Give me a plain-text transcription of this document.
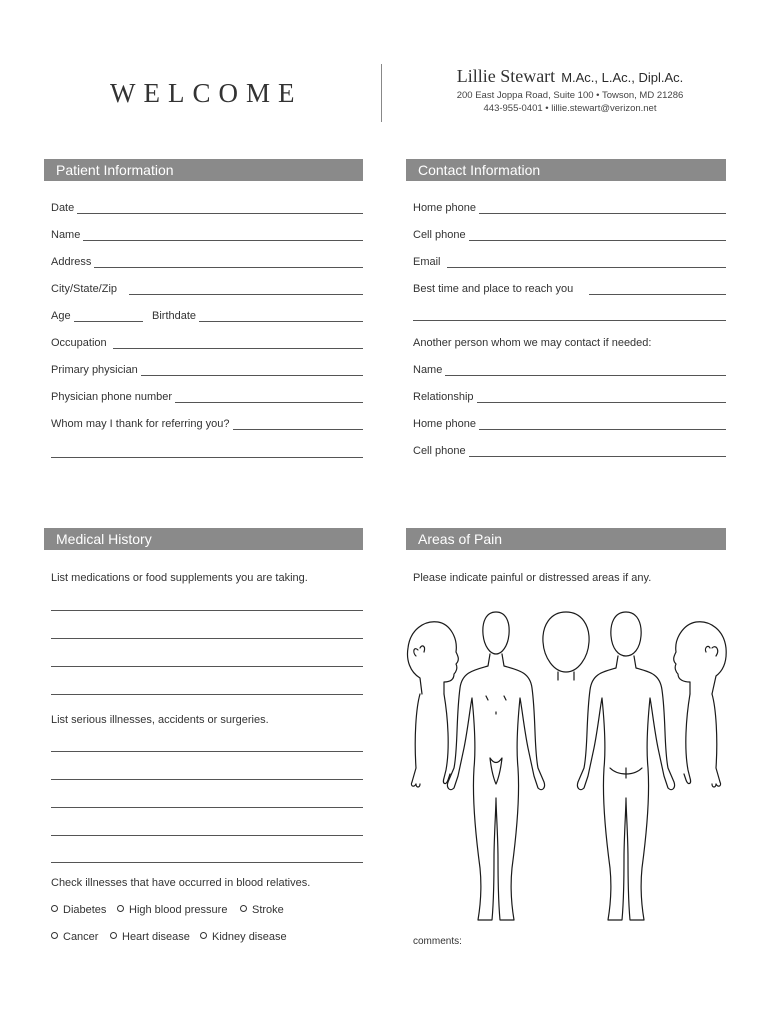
WELCOME
Lillie Stewart M.Ac., L.Ac., Dipl.Ac.
200 East Joppa Road, Suite 100 • Towson, MD 21286
443-955-0401 • lillie.stewart@verizon.net
Patient Information	Contact Information
Medical History	Areas of Pain
Date
Name
Address
City/State/Zip
Age	Birthdate
Occupation
Primary physician
Physician phone number
Whom may I thank for referring you?
Home phone
Cell phone
Email
Best time and place to reach you
Another person whom we may contact if needed:
Name
Relationship
Home phone
Cell phone
List medications or food supplements you are taking.
List serious illnesses, accidents or surgeries.
Check illnesses that have occurred in blood relatives.
Diabetes	High blood pressure	Stroke
Cancer	Heart disease	Kidney disease
Please indicate painful or distressed areas if any.
comments:
